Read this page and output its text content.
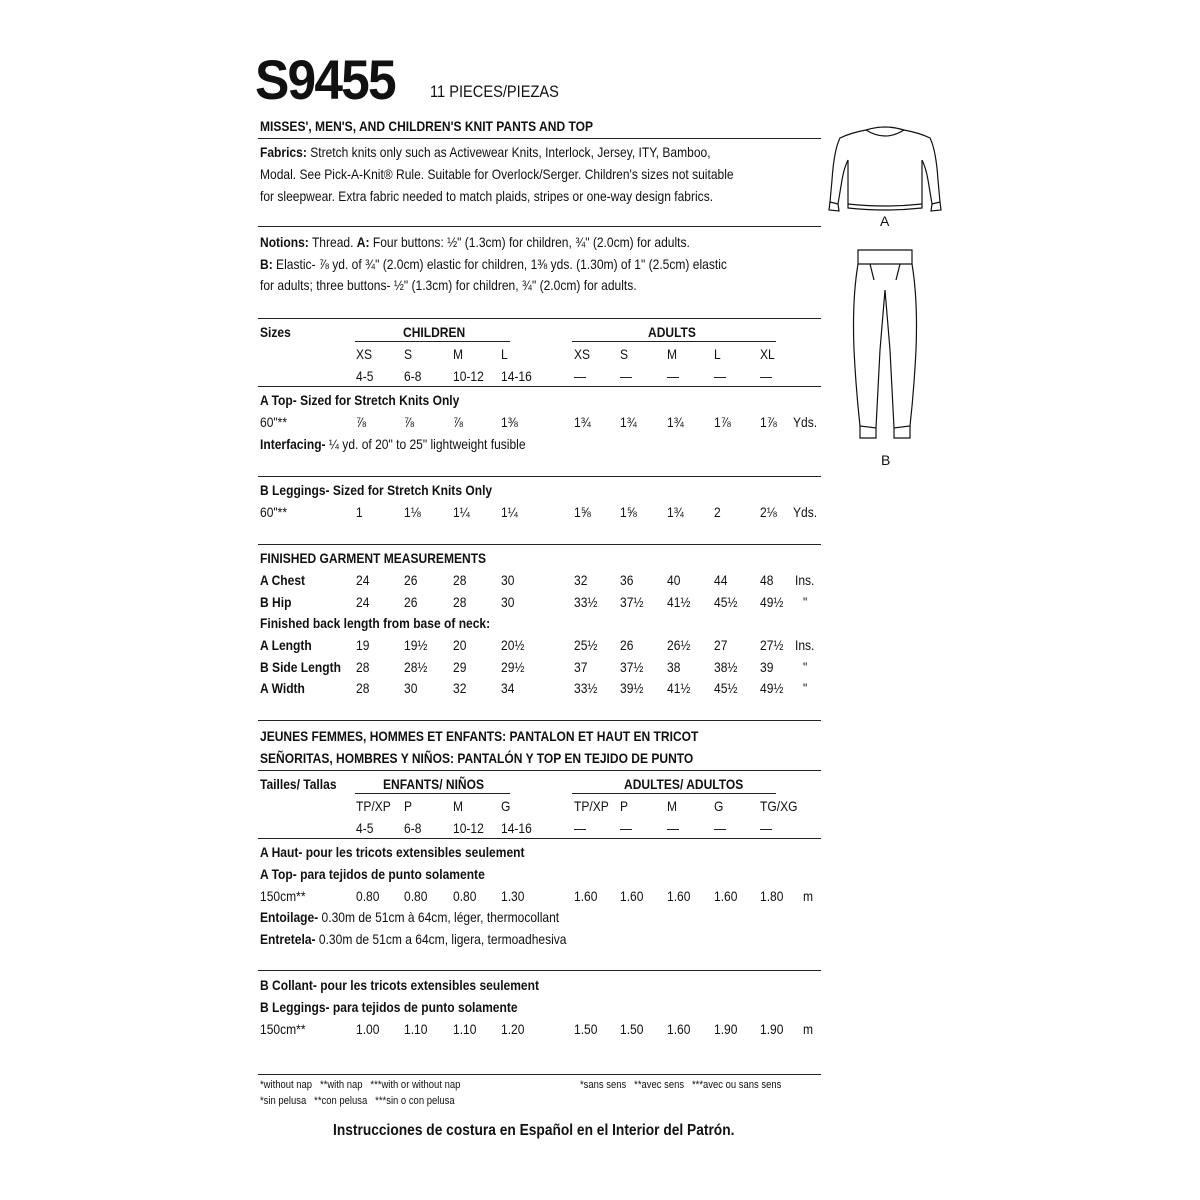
S9455 11 PIECES/PIEZAS
MISSES', MEN'S, AND CHILDREN'S KNIT PANTS AND TOP
Fabrics: Stretch knits only such as Activewear Knits, Interlock, Jersey, ITY, Bamboo,
Modal. See Pick-A-Knit® Rule. Suitable for Overlock/Serger. Children's sizes not suitable
for sleepwear. Extra fabric needed to match plaids, stripes or one-way design fabrics.
Notions: Thread. A: Four buttons: ½" (1.3cm) for children, ¾" (2.0cm) for adults.
B: Elastic- ⅞ yd. of ¾" (2.0cm) elastic for children, 1⅜ yds. (1.30m) of 1" (2.5cm) elastic
for adults; three buttons- ½" (1.3cm) for children, ¾" (2.0cm) for adults.
Sizes	CHILDREN	ADULTS
XS S	M	L	XS S	M	L	XL
4-5 6-8 10-12 14-16	— — — — —
A Top- Sized for Stretch Knits Only
60"**	⅞	⅞	⅞	1⅜	1¾ 1¾ 1¾ 1⅞ 1⅞ Yds.
Interfacing- ¼ yd. of 20" to 25" lightweight fusible
B Leggings- Sized for Stretch Knits Only
60"**	1	1⅛ 1¼ 1¼	1⅝ 1⅝ 1¾ 2	2⅛ Yds.
FINISHED GARMENT MEASUREMENTS
A Chest	24 26	28 30	32 36 40 44 48 Ins.
B Hip	24 26	28 30	33½ 37½ 41½ 45½ 49½ "
Finished back length from base of neck:
A Length	19 19½ 20 20½	25½ 26 26½ 27 27½ Ins.
B Side Length 28 28½ 29 29½	37 37½ 38 38½ 39 "
A Width	28 30	32 34	33½ 39½ 41½ 45½ 49½ "
JEUNES FEMMES, HOMMES ET ENFANTS: PANTALON ET HAUT EN TRICOT
SEÑORITAS, HOMBRES Y NIÑOS: PANTALÓN Y TOP EN TEJIDO DE PUNTO
Tailles/ Tallas	ENFANTS/ NIÑOS	ADULTES/ ADULTOS
TP/XP P	M	G	TP/XP P	M	G	TG/XG
4-5 6-8 10-12 14-16	— — — — —
A Haut- pour les tricots extensibles seulement
A Top- para tejidos de punto solamente
150cm**	0.80 0.80 0.80 1.30	1.60 1.60 1.60 1.60 1.80 m
Entoilage- 0.30m de 51cm à 64cm, léger, thermocollant
Entretela- 0.30m de 51cm a 64cm, ligera, termoadhesiva
B Collant- pour les tricots extensibles seulement
B Leggings- para tejidos de punto solamente
150cm**	1.00 1.10 1.10 1.20	1.50 1.50 1.60 1.90 1.90 m
*without nap   **with nap   ***with or without nap
*sin pelusa   **con pelusa   ***sin o con pelusa
*sans sens   **avec sens   ***avec ou sans sens
Instrucciones de costura en Español en el Interior del Patrón.
A
B
